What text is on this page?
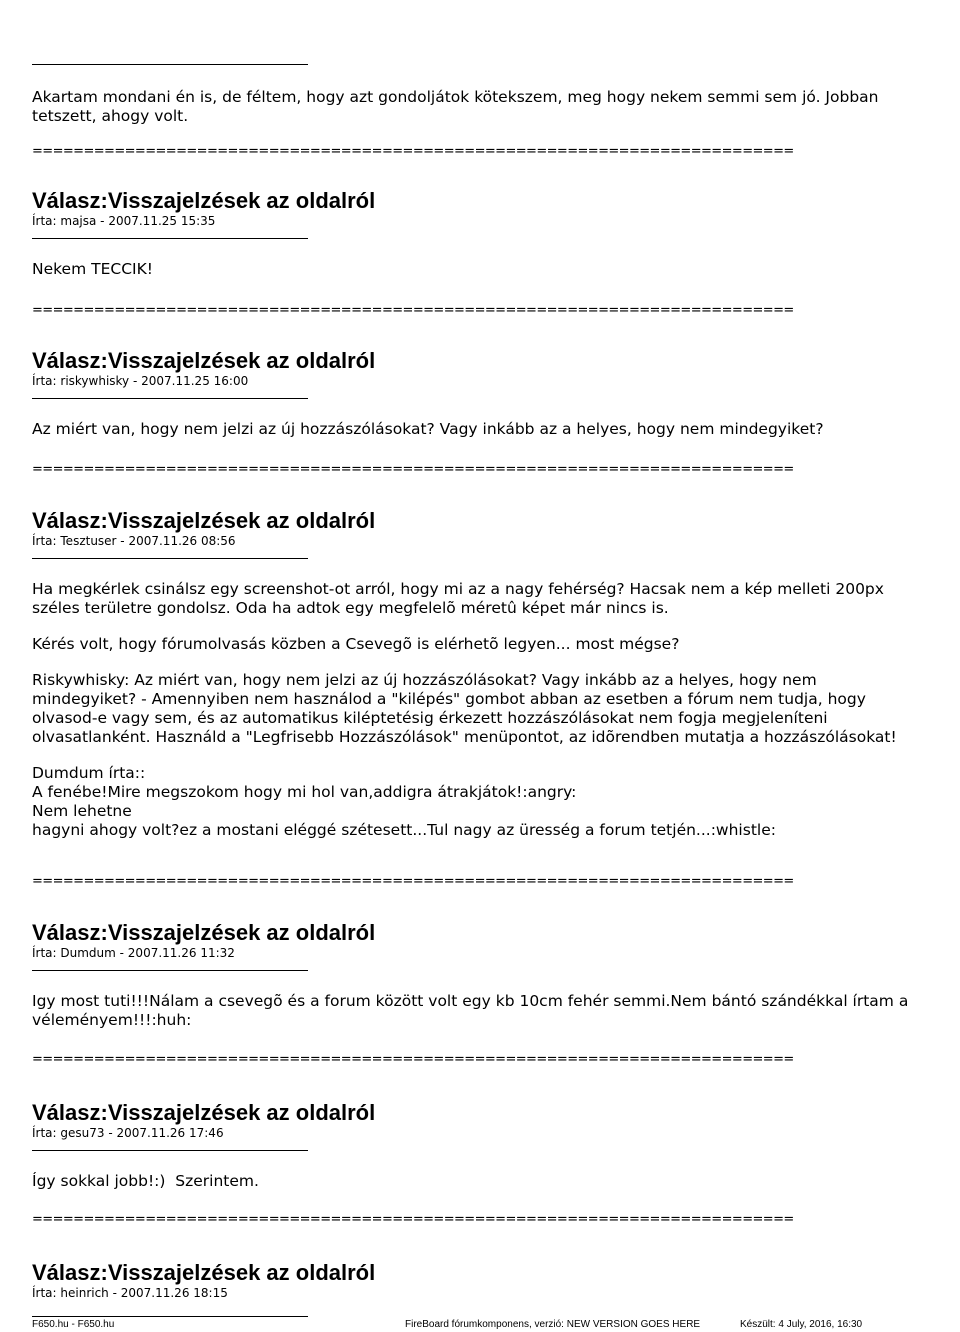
Akartam mondani én is, de féltem, hogy azt gondoljátok kötekszem, meg hogy nekem semmi sem jó. Jobban tetszett, ahogy volt.

==========================================================================
Válasz:Visszajelzések az oldalról

Írta: majsa - 2007.11.25 15:35

Nekem TECCIK!

==========================================================================
Válasz:Visszajelzések az oldalról

Írta: riskywhisky - 2007.11.25 16:00

Az miért van, hogy nem jelzi az új hozzászólásokat? Vagy inkább az a helyes, hogy nem mindegyiket?

==========================================================================
Válasz:Visszajelzések az oldalról

Írta: Tesztuser - 2007.11.26 08:56

Ha megkérlek csinálsz egy screenshot-ot arról, hogy mi az a nagy fehérség? Hacsak nem a kép melleti 200px széles területre gondolsz. Oda ha adtok egy megfelelõ méretû képet már nincs is.

Kérés volt, hogy fórumolvasás közben a Csevegõ is elérhetõ legyen... most mégse?

Riskywhisky: Az miért van, hogy nem jelzi az új hozzászólásokat? Vagy inkább az a helyes, hogy nem mindegyiket? - Amennyiben nem használod a "kilépés" gombot abban az esetben a fórum nem tudja, hogy olvasod-e vagy sem, és az automatikus kiléptetésig érkezett hozzászólásokat nem fogja megjeleníteni olvasatlanként. Használd a "Legfrisebb Hozzászólások" menüpontot, az idõrendben mutatja a hozzászólásokat!

Dumdum írta::
A fenébe!Mire megszokom hogy mi hol van,addigra átrakjátok!:angry:
Nem lehetne
hagyni ahogy volt?ez a mostani eléggé szétesett...Tul nagy az üresség a forum tetjén...:whistle:

==========================================================================
Válasz:Visszajelzések az oldalról

Írta: Dumdum - 2007.11.26 11:32

Igy most tuti!!!Nálam a csevegõ és a forum között volt egy kb 10cm fehér semmi.Nem bántó szándékkal írtam a véleményem!!!:huh:

==========================================================================
Válasz:Visszajelzések az oldalról

Írta: gesu73 - 2007.11.26 17:46

Így sokkal jobb!:)  Szerintem.

==========================================================================
Válasz:Visszajelzések az oldalról

Írta: heinrich - 2007.11.26 18:15

F650.hu - F650.hu	FireBoard fórumkomponens, verzió: NEW VERSION GOES HERE	Készült: 4 July, 2016, 16:30
